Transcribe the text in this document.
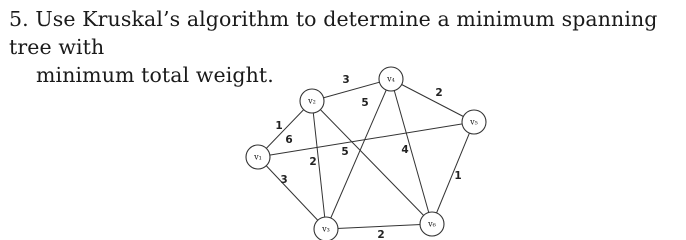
5. Use Kruskal’s algorithm to determine a minimum spanning tree with
minimum total weight.
6
3
1
3
2
5
5
2
4
2
1
v₁
v₂
v₃
v₄
v₅
v₆
